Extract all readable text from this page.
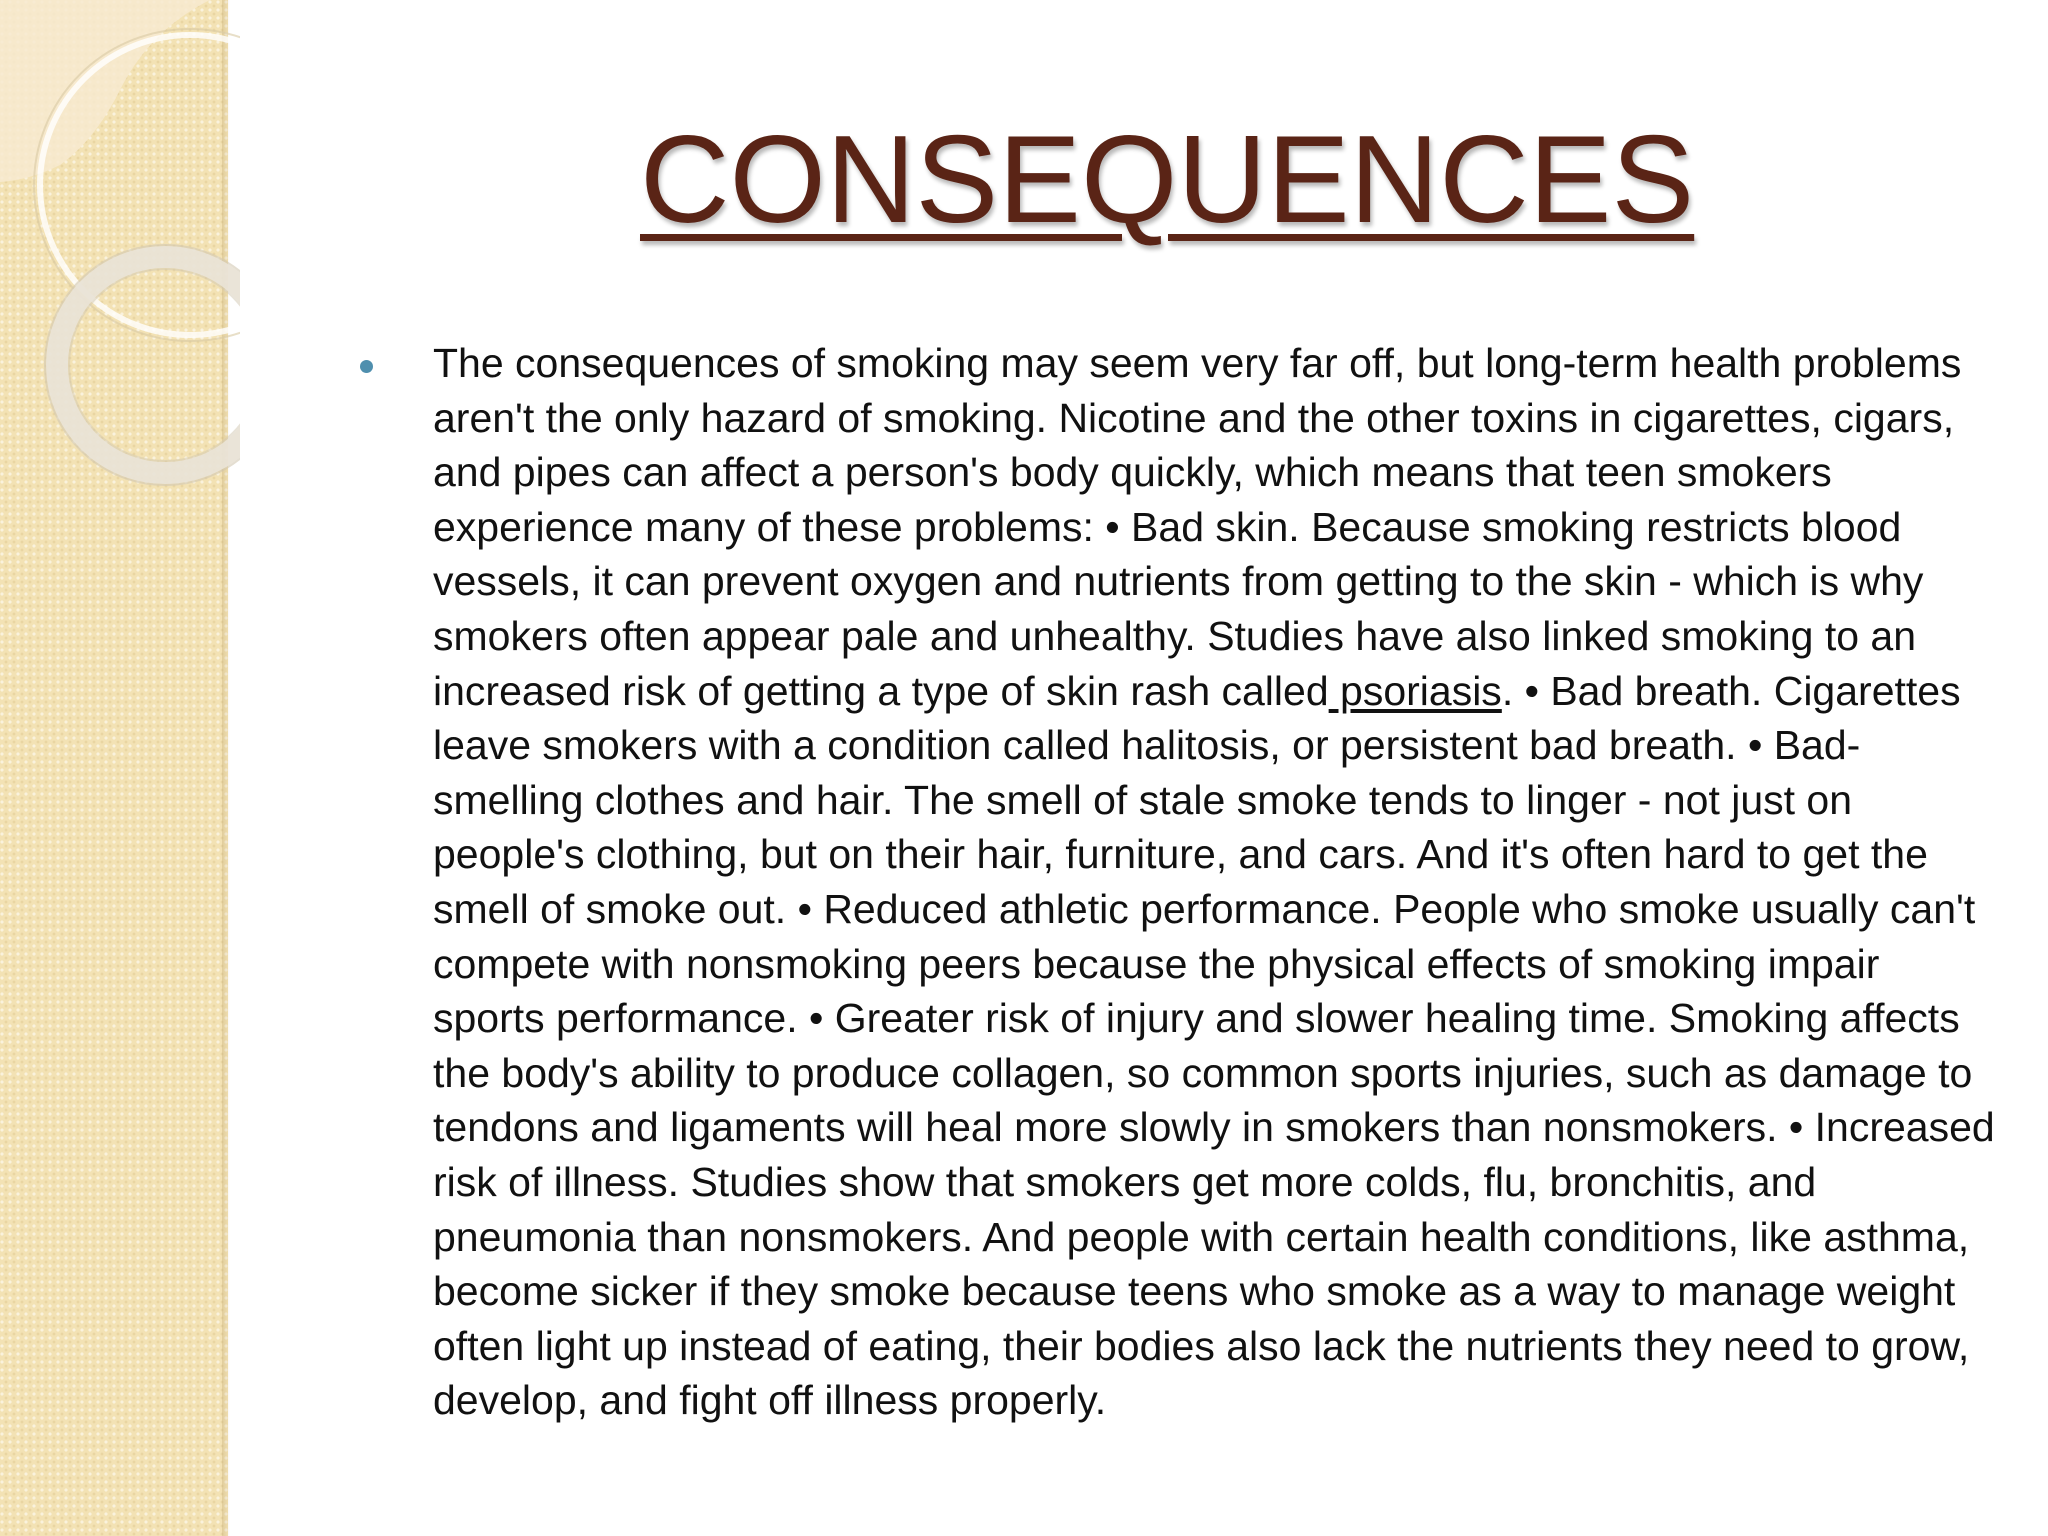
CONSEQUENCES

The consequences of smoking may seem very far off, but long-term health problems aren't the only hazard of smoking. Nicotine and the other toxins in cigarettes, cigars, and pipes can affect a person's body quickly, which means that teen smokers experience many of these problems: • Bad skin. Because smoking restricts blood vessels, it can prevent oxygen and nutrients from getting to the skin - which is why smokers often appear pale and unhealthy. Studies have also linked smoking to an increased risk of getting a type of skin rash called psoriasis. • Bad breath. Cigarettes leave smokers with a condition called halitosis, or persistent bad breath. • Bad-smelling clothes and hair. The smell of stale smoke tends to linger - not just on people's clothing, but on their hair, furniture, and cars. And it's often hard to get the smell of smoke out. • Reduced athletic performance. People who smoke usually can't compete with nonsmoking peers because the physical effects of smoking impair sports performance. • Greater risk of injury and slower healing time. Smoking affects the body's ability to produce collagen, so common sports injuries, such as damage to tendons and ligaments will heal more slowly in smokers than nonsmokers. • Increased risk of illness. Studies show that smokers get more colds, flu, bronchitis, and pneumonia than nonsmokers. And people with certain health conditions, like asthma, become sicker if they smoke because teens who smoke as a way to manage weight often light up instead of eating, their bodies also lack the nutrients they need to grow, develop, and fight off illness properly.
